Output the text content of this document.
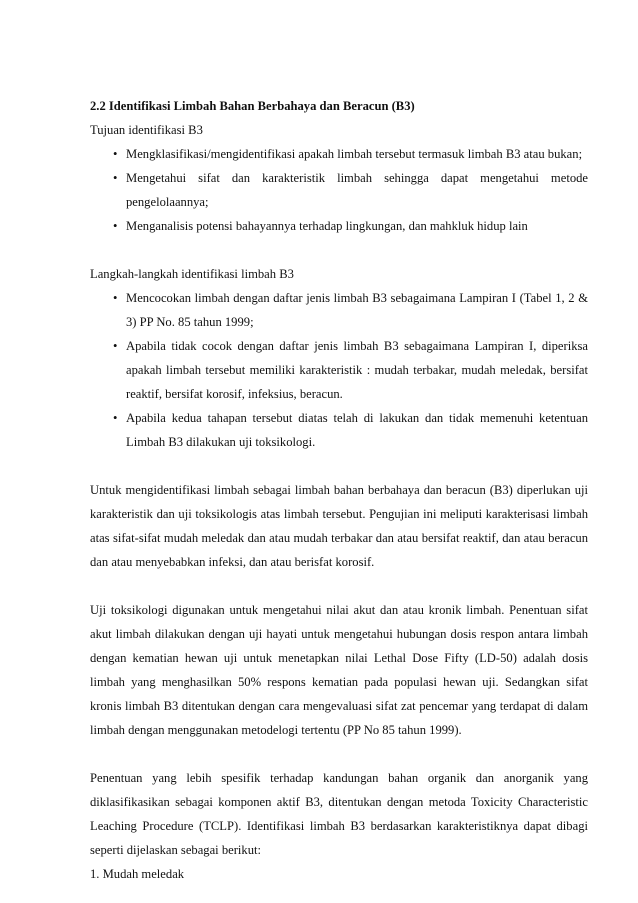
2.2 Identifikasi Limbah Bahan Berbahaya dan Beracun (B3)
Tujuan identifikasi B3
• Mengklasifikasi/mengidentifikasi apakah limbah tersebut termasuk limbah B3 atau bukan;
• Mengetahui sifat dan karakteristik limbah sehingga dapat mengetahui metode pengelolaannya;
• Menganalisis potensi bahayannya terhadap lingkungan, dan mahkluk hidup lain
Langkah-langkah identifikasi limbah B3
• Mencocokan limbah dengan daftar jenis limbah B3 sebagaimana Lampiran I (Tabel 1, 2 & 3) PP No. 85 tahun 1999;
• Apabila tidak cocok dengan daftar jenis limbah B3 sebagaimana Lampiran I, diperiksa apakah limbah tersebut memiliki karakteristik : mudah terbakar, mudah meledak, bersifat reaktif, bersifat korosif, infeksius, beracun.
• Apabila kedua tahapan tersebut diatas telah di lakukan dan tidak memenuhi ketentuan Limbah B3 dilakukan uji toksikologi.

Untuk mengidentifikasi limbah sebagai limbah bahan berbahaya dan beracun (B3) diperlukan uji karakteristik dan uji toksikologis atas limbah tersebut. Pengujian ini meliputi karakterisasi limbah atas sifat-sifat mudah meledak dan atau mudah terbakar dan atau bersifat reaktif, dan atau beracun dan atau menyebabkan infeksi, dan atau berisfat korosif.

Uji toksikologi digunakan untuk mengetahui nilai akut dan atau kronik limbah. Penentuan sifat akut limbah dilakukan dengan uji hayati untuk mengetahui hubungan dosis respon antara limbah dengan kematian hewan uji untuk menetapkan nilai Lethal Dose Fifty (LD-50) adalah dosis limbah yang menghasilkan 50% respons kematian pada populasi hewan uji. Sedangkan sifat kronis limbah B3 ditentukan dengan cara mengevaluasi sifat zat pencemar yang terdapat di dalam limbah dengan menggunakan metodelogi tertentu (PP No 85 tahun 1999).

Penentuan yang lebih spesifik terhadap kandungan bahan organik dan anorganik yang diklasifikasikan sebagai komponen aktif B3, ditentukan dengan metoda Toxicity Characteristic Leaching Procedure (TCLP). Identifikasi limbah B3 berdasarkan karakteristiknya dapat dibagi seperti dijelaskan sebagai berikut:

1. Mudah meledak
